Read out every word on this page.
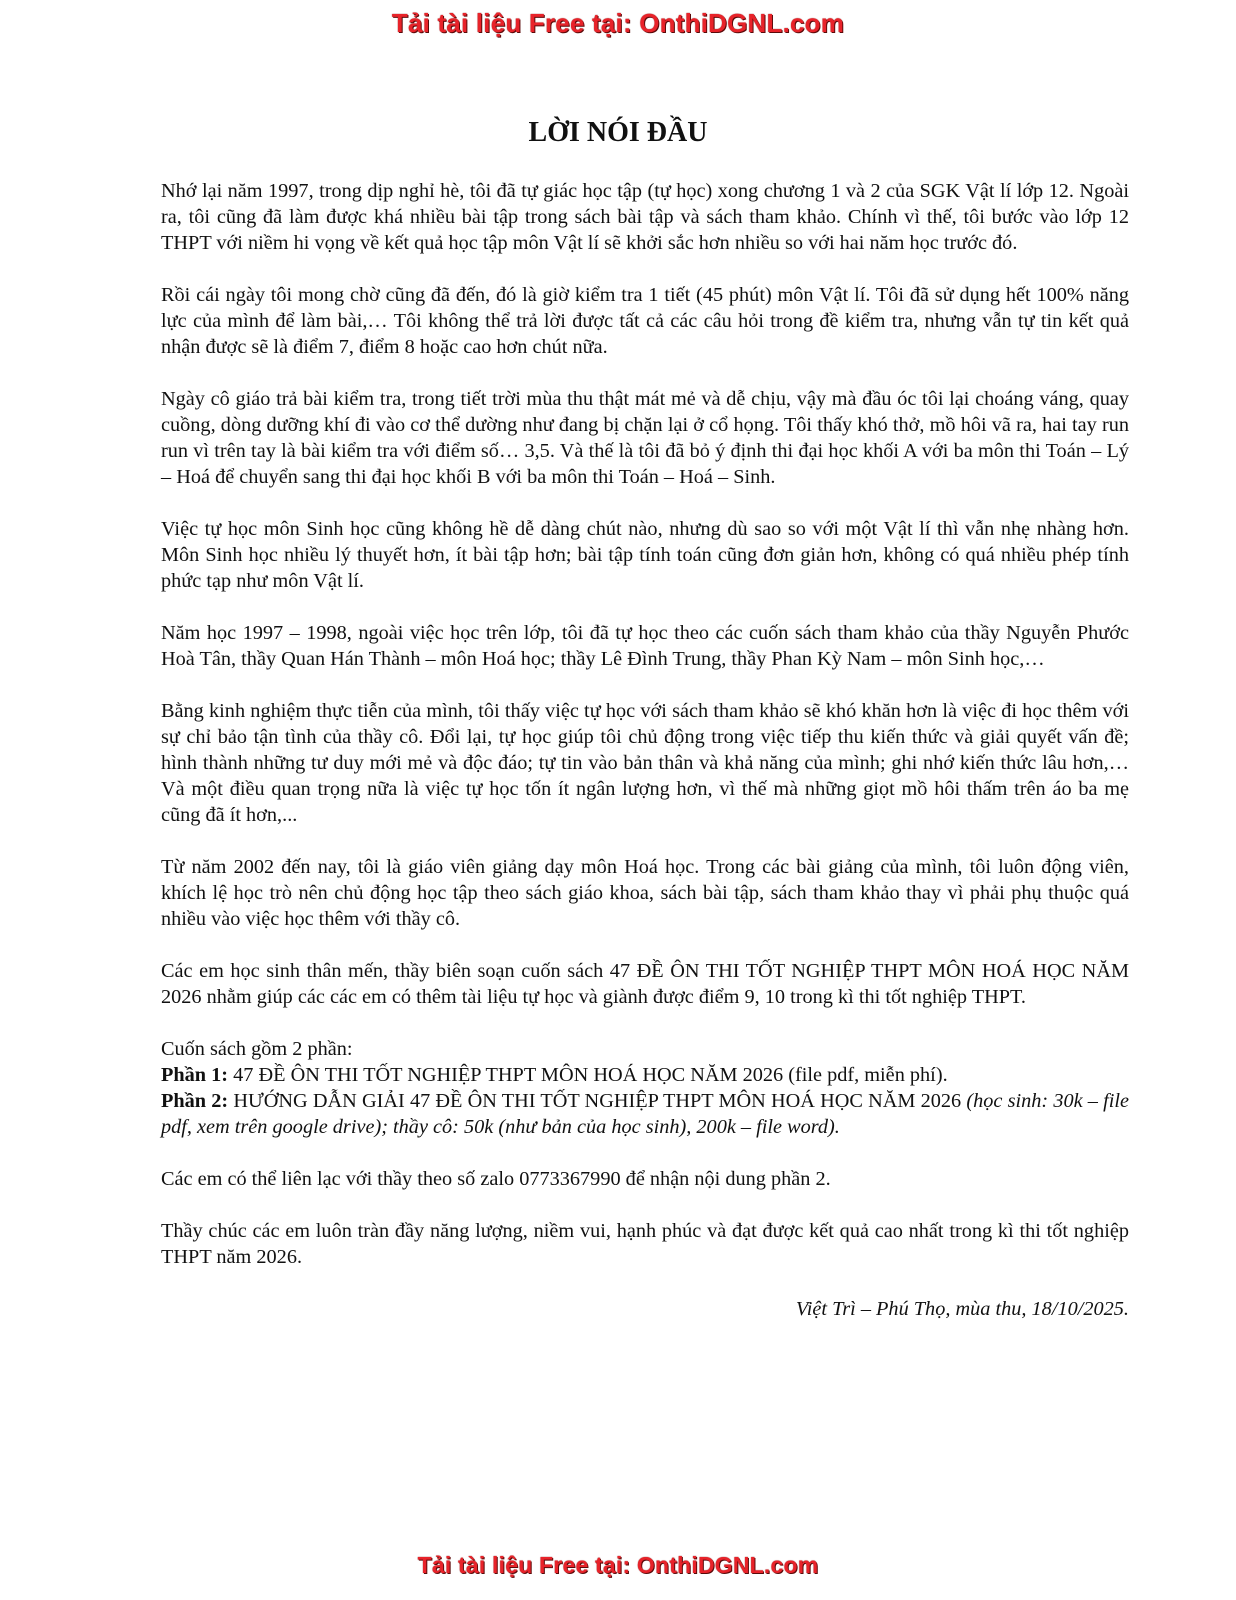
Tải tài liệu Free tại: OnthiDGNL.com
LỜI NÓI ĐẦU

Nhớ lại năm 1997, trong dịp nghỉ hè, tôi đã tự giác học tập (tự học) xong chương 1 và 2 của SGK Vật lí lớp 12. Ngoài ra, tôi cũng đã làm được khá nhiều bài tập trong sách bài tập và sách tham khảo. Chính vì thế, tôi bước vào lớp 12 THPT với niềm hi vọng về kết quả học tập môn Vật lí sẽ khởi sắc hơn nhiều so với hai năm học trước đó.

Rồi cái ngày tôi mong chờ cũng đã đến, đó là giờ kiểm tra 1 tiết (45 phút) môn Vật lí. Tôi đã sử dụng hết 100% năng lực của mình để làm bài,… Tôi không thể trả lời được tất cả các câu hỏi trong đề kiểm tra, nhưng vẫn tự tin kết quả nhận được sẽ là điểm 7, điểm 8 hoặc cao hơn chút nữa.

Ngày cô giáo trả bài kiểm tra, trong tiết trời mùa thu thật mát mẻ và dễ chịu, vậy mà đầu óc tôi lại choáng váng, quay cuồng, dòng dưỡng khí đi vào cơ thể dường như đang bị chặn lại ở cổ họng. Tôi thấy khó thở, mồ hôi vã ra, hai tay run run vì trên tay là bài kiểm tra với điểm số… 3,5. Và thế là tôi đã bỏ ý định thi đại học khối A với ba môn thi Toán – Lý – Hoá để chuyển sang thi đại học khối B với ba môn thi Toán – Hoá – Sinh.

Việc tự học môn Sinh học cũng không hề dễ dàng chút nào, nhưng dù sao so với một Vật lí thì vẫn nhẹ nhàng hơn. Môn Sinh học nhiều lý thuyết hơn, ít bài tập hơn; bài tập tính toán cũng đơn giản hơn, không có quá nhiều phép tính phức tạp như môn Vật lí.

Năm học 1997 – 1998, ngoài việc học trên lớp, tôi đã tự học theo các cuốn sách tham khảo của thầy Nguyễn Phước Hoà Tân, thầy Quan Hán Thành – môn Hoá học; thầy Lê Đình Trung, thầy Phan Kỳ Nam – môn Sinh học,…

Bằng kinh nghiệm thực tiễn của mình, tôi thấy việc tự học với sách tham khảo sẽ khó khăn hơn là việc đi học thêm với sự chỉ bảo tận tình của thầy cô. Đổi lại, tự học giúp tôi chủ động trong việc tiếp thu kiến thức và giải quyết vấn đề; hình thành những tư duy mới mẻ và độc đáo; tự tin vào bản thân và khả năng của mình; ghi nhớ kiến thức lâu hơn,… Và một điều quan trọng nữa là việc tự học tốn ít ngân lượng hơn, vì thế mà những giọt mồ hôi thấm trên áo ba mẹ cũng đã ít hơn,...

Từ năm 2002 đến nay, tôi là giáo viên giảng dạy môn Hoá học. Trong các bài giảng của mình, tôi luôn động viên, khích lệ học trò nên chủ động học tập theo sách giáo khoa, sách bài tập, sách tham khảo thay vì phải phụ thuộc quá nhiều vào việc học thêm với thầy cô.

Các em học sinh thân mến, thầy biên soạn cuốn sách 47 ĐỀ ÔN THI TỐT NGHIỆP THPT MÔN HOÁ HỌC NĂM 2026 nhằm giúp các các em có thêm tài liệu tự học và giành được điểm 9, 10 trong kì thi tốt nghiệp THPT.

Cuốn sách gồm 2 phần:
Phần 1: 47 ĐỀ ÔN THI TỐT NGHIỆP THPT MÔN HOÁ HỌC NĂM 2026 (file pdf, miễn phí).
Phần 2: HƯỚNG DẪN GIẢI 47 ĐỀ ÔN THI TỐT NGHIỆP THPT MÔN HOÁ HỌC NĂM 2026 (học sinh: 30k – file pdf, xem trên google drive); thầy cô: 50k (như bản của học sinh), 200k – file word).

Các em có thể liên lạc với thầy theo số zalo 0773367990 để nhận nội dung phần 2.

Thầy chúc các em luôn tràn đầy năng lượng, niềm vui, hạnh phúc và đạt được kết quả cao nhất trong kì thi tốt nghiệp THPT năm 2026.

Việt Trì – Phú Thọ, mùa thu, 18/10/2025.

Tải tài liệu Free tại: OnthiDGNL.com
